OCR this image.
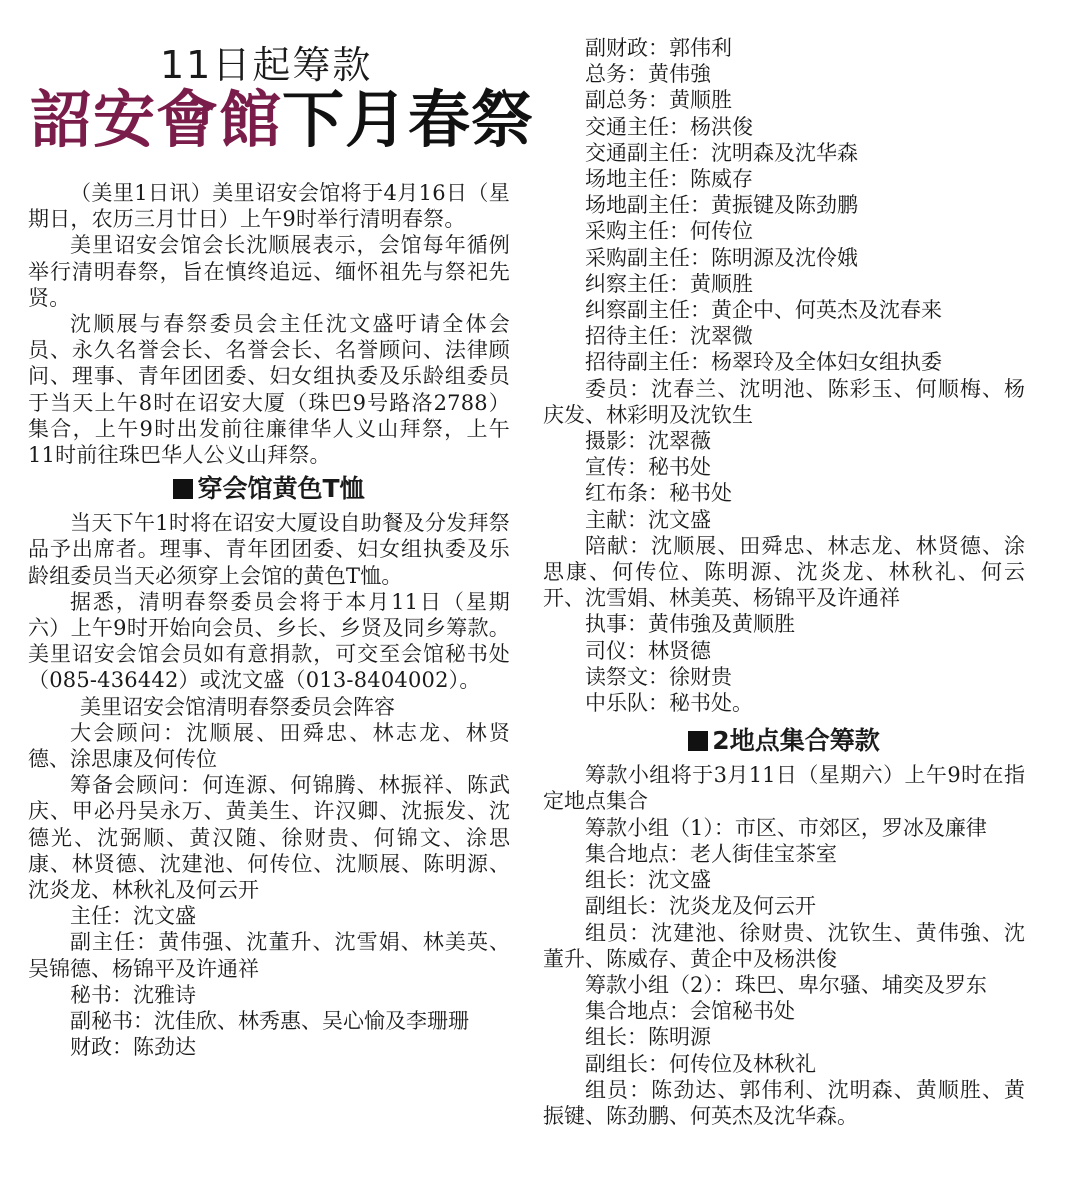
11日起筹款
詔安會館下月春祭

（美里1日讯）美里诏安会馆将于4月16日（星期日，农历三月廿日）上午9时举行清明春祭。

美里诏安会馆会长沈顺展表示，会馆每年循例举行清明春祭，旨在慎终追远、缅怀祖先与祭祀先贤。

沈顺展与春祭委员会主任沈文盛吁请全体会员、永久名誉会长、名誉会长、名誉顾问、法律顾问、理事、青年团团委、妇女组执委及乐龄组委员于当天上午8时在诏安大厦（珠巴9号路洛2788）集合，上午9时出发前往廉律华人义山拜祭，上午11时前往珠巴华人公义山拜祭。

穿会馆黄色T恤

当天下午1时将在诏安大厦设自助餐及分发拜祭品予出席者。理事、青年团团委、妇女组执委及乐龄组委员当天必须穿上会馆的黄色T恤。

据悉，清明春祭委员会将于本月11日（星期六）上午9时开始向会员、乡长、乡贤及同乡筹款。美里诏安会馆会员如有意捐款，可交至会馆秘书处（085-436442）或沈文盛（013-8404002）。

美里诏安会馆清明春祭委员会阵容

大会顾问：沈顺展、田舜忠、林志龙、林贤德、涂思康及何传位

筹备会顾问：何连源、何锦腾、林振祥、陈武庆、甲必丹吴永万、黄美生、许汉卿、沈振发、沈德光、沈弼顺、黄汉随、徐财贵、何锦文、涂思康、林贤德、沈建池、何传位、沈顺展、陈明源、沈炎龙、林秋礼及何云开

主任：沈文盛

副主任：黄伟强、沈董升、沈雪娟、林美英、吴锦德、杨锦平及许通祥

秘书：沈雅诗

副秘书：沈佳欣、林秀惠、吴心愉及李珊珊

财政：陈劲达

副财政：郭伟利

总务：黄伟強

副总务：黄顺胜

交通主任：杨洪俊

交通副主任：沈明森及沈华森

场地主任：陈威存

场地副主任：黄振键及陈劲鹏

采购主任：何传位

采购副主任：陈明源及沈伶娥

纠察主任：黄顺胜

纠察副主任：黄企中、何英杰及沈春来

招待主任：沈翠微

招待副主任：杨翠玲及全体妇女组执委

委员：沈春兰、沈明池、陈彩玉、何顺梅、杨庆发、林彩明及沈钦生

摄影：沈翠薇

宣传：秘书处

红布条：秘书处

主献：沈文盛

陪献：沈顺展、田舜忠、林志龙、林贤德、涂思康、何传位、陈明源、沈炎龙、林秋礼、何云开、沈雪娟、林美英、杨锦平及许通祥

执事：黄伟強及黄顺胜

司仪：林贤德

读祭文：徐财贵

中乐队：秘书处。

2地点集合筹款

筹款小组将于3月11日（星期六）上午9时在指定地点集合

筹款小组（1）：市区、市郊区，罗冰及廉律

集合地点：老人街佳宝茶室

组长：沈文盛

副组长：沈炎龙及何云开

组员：沈建池、徐财贵、沈钦生、黄伟強、沈董升、陈威存、黄企中及杨洪俊

筹款小组（2）：珠巴、卑尔骚、埔奕及罗东

集合地点：会馆秘书处

组长：陈明源

副组长：何传位及林秋礼

组员：陈劲达、郭伟利、沈明森、黄顺胜、黄振键、陈劲鹏、何英杰及沈华森。
